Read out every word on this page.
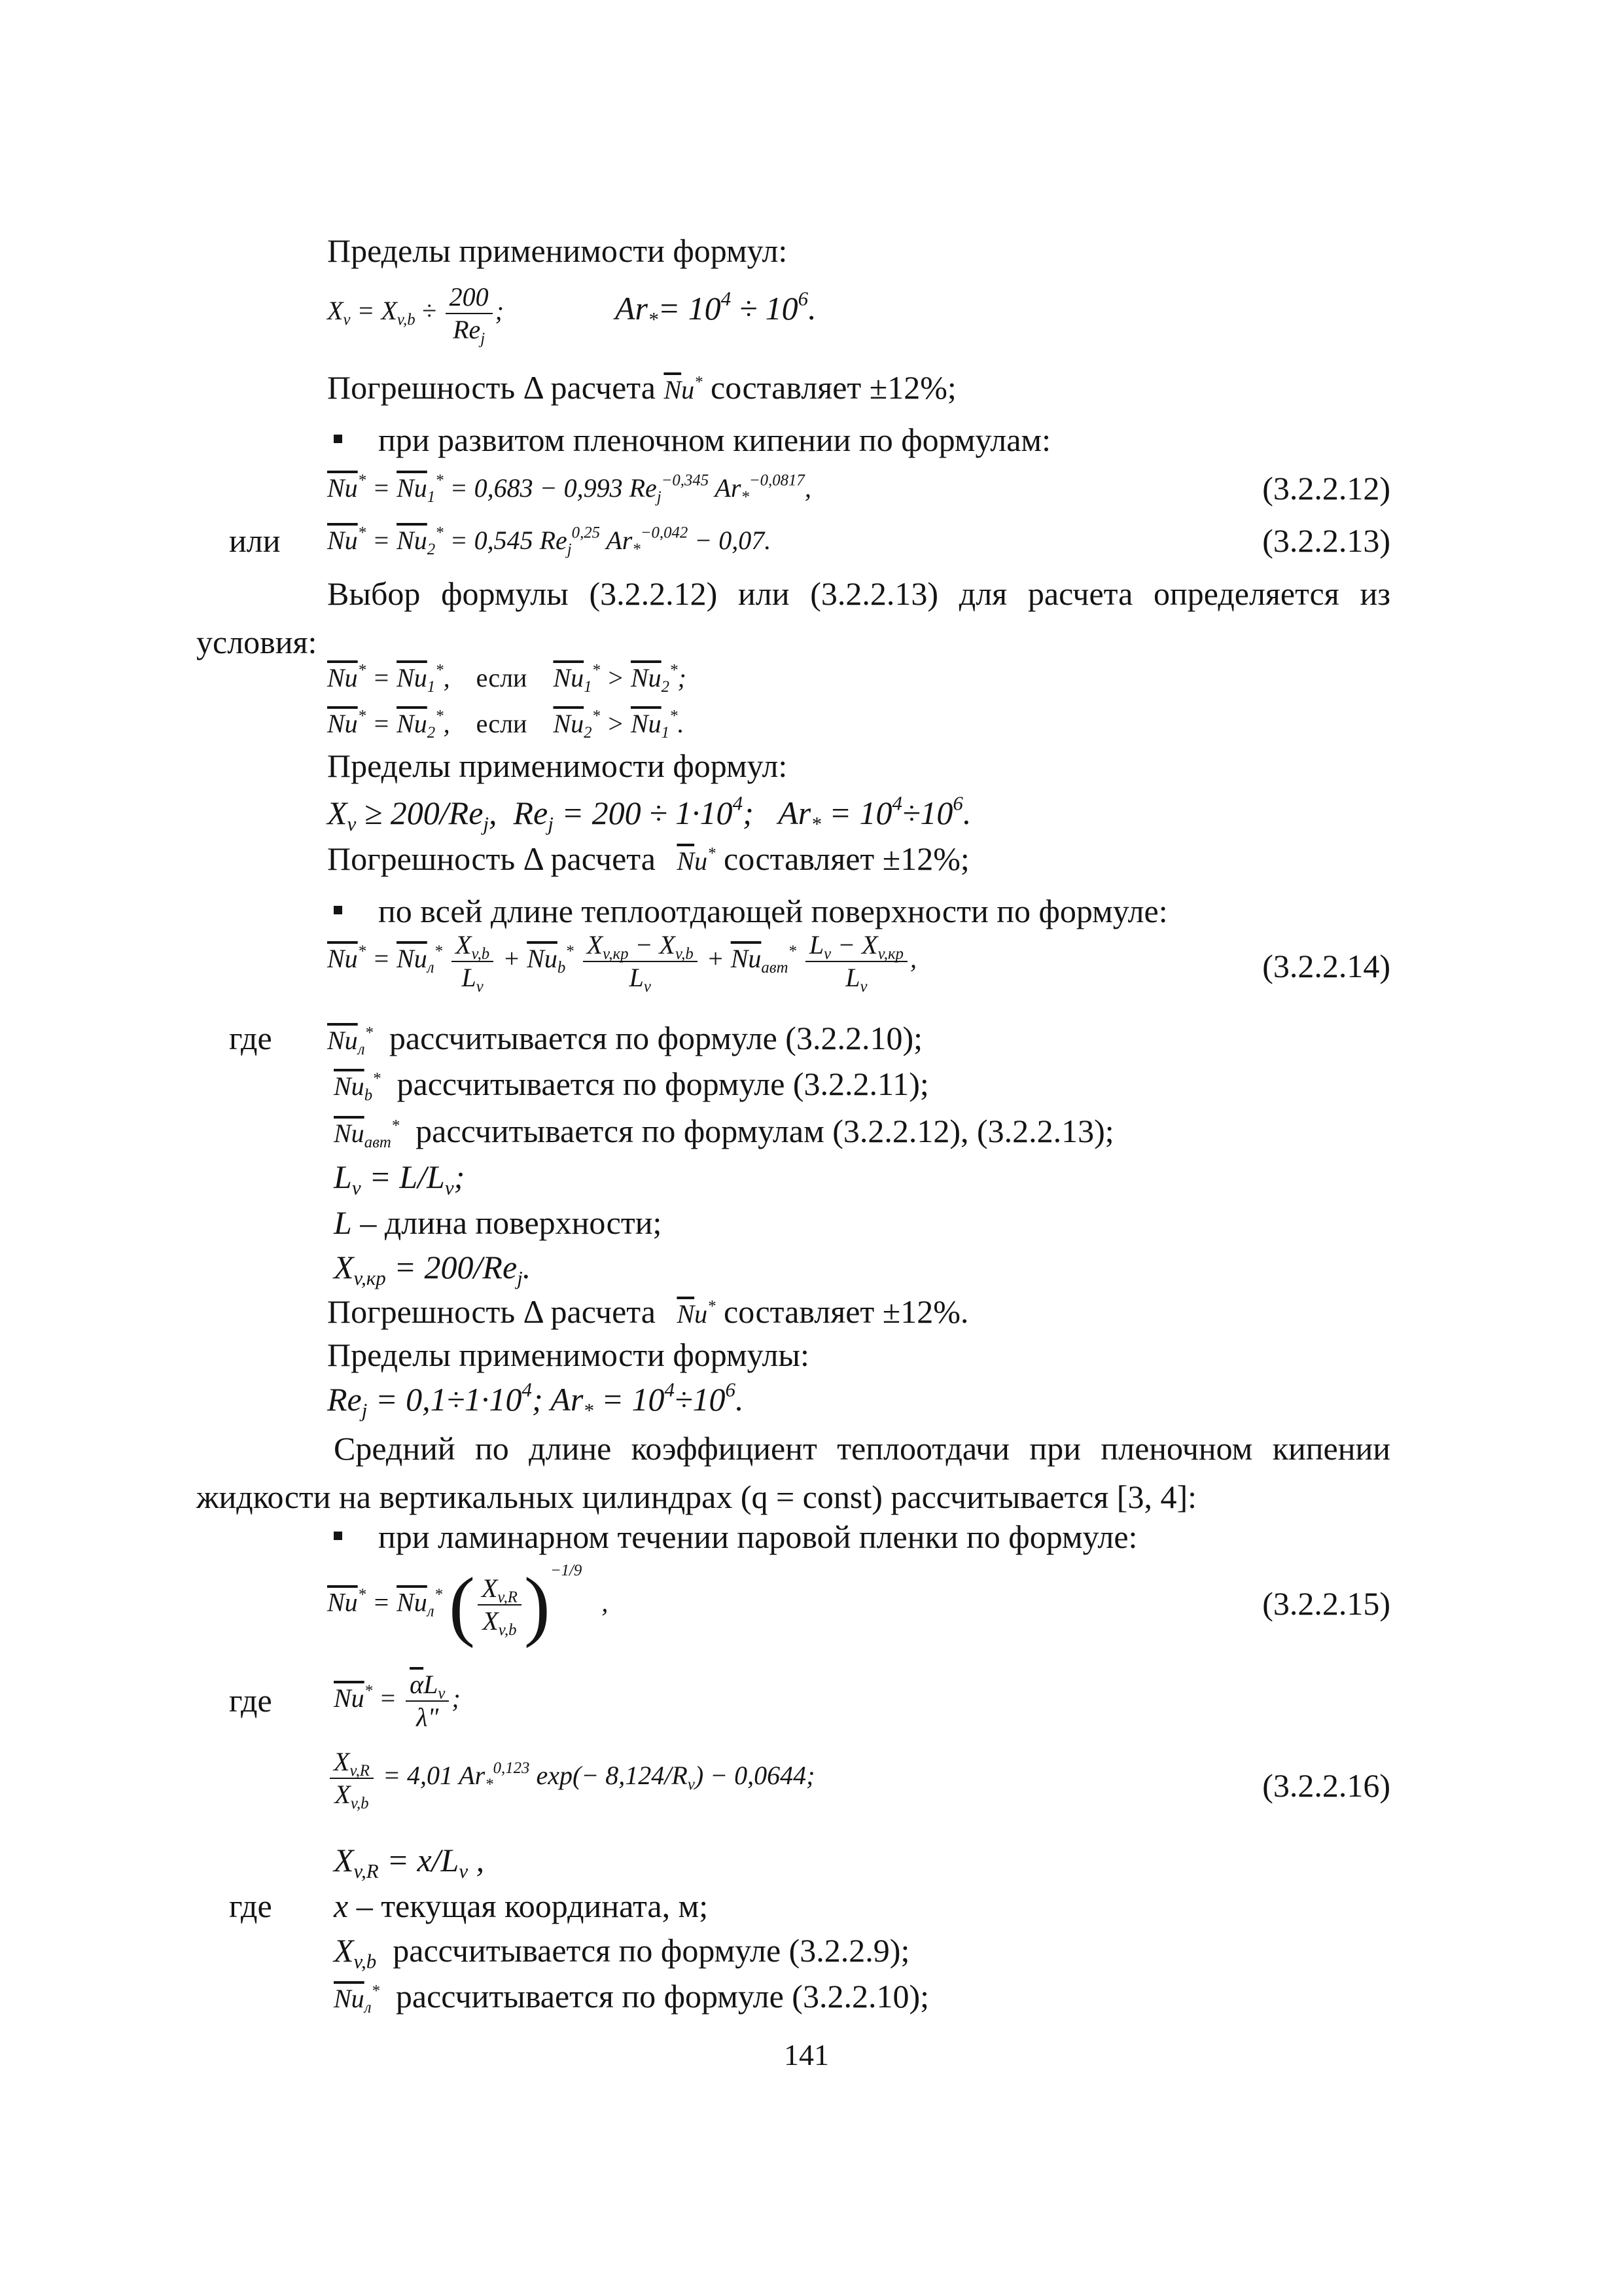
Пределы применимости формул:
$X_v = X_{v,b} \div \frac{200}{Re_j}$ ;	$Ar_*= 10^4 \div 10^6$.
Погрешность Δ расчета $\overline{N}u^*$ составляет ±12%;
при развитом пленочном кипении по формулам:
$\overline{Nu}^* = \overline{Nu}_1^* = 0,683 - 0,993$ $Re_j^{-0,345}$ $Ar_*^{-0,0817}$,	(3.2.2.12)
или $\overline{Nu}^* = \overline{Nu}_2^* = 0,545$ $Re_j^{0,25}$ $Ar_*^{-0,042} - 0,07$.	(3.2.2.13)
Выбор формулы (3.2.2.12) или (3.2.2.13) для расчета определяется из условия:
$\overline{Nu}^* = \overline{Nu}_1^*$, если $\overline{Nu}_1^* > \overline{Nu}_2^*$;
$\overline{Nu}^* = \overline{Nu}_2^*$, если $\overline{Nu}_2^* > \overline{Nu}_1^*$.
Пределы применимости формул:
$X_v \ge 200/Re_j$,  $Re_j = 200 \div 1\cdot 10^4$;   $Ar_* = 10^4\div 10^6$.
Погрешность Δ расчета $\overline{N}u^*$ составляет ±12%;
по всей длине теплоотдающей поверхности по формуле:
$\overline{Nu}^* = \overline{Nu}_л^* \frac{X_{v,b}}{L_v} + \overline{Nu}_b^* \frac{X_{v,кр} - X_{v,b}}{L_v} + \overline{Nu}_{авт}^* \frac{L_v - X_{v,кр}}{L_v}$ ,	(3.2.2.14)
где $\overline{Nu}_л^*$ рассчитывается по формуле (3.2.2.10);
$\overline{Nu}_b^*$ рассчитывается по формуле (3.2.2.11);
$\overline{Nu}_{авт}^*$ рассчитывается по формулам (3.2.2.12), (3.2.2.13);
$L_v = L/L_v$;
L – длина поверхности;
$X_{v,кр} = 200/Re_j$.
Погрешность Δ расчета $\overline{N}u^*$ составляет ±12%.
Пределы применимости формулы:
$Re_j = 0,1\div 1\cdot 10^4$; $Ar_* = 10^4\div 10^6$.
Средний по длине коэффициент теплоотдачи при пленочном кипении жидкости на вертикальных цилиндрах (q = const) рассчитывается [3, 4]:
при ламинарном течении паровой пленки по формуле:
$\overline{Nu}^* = \overline{Nu}_л^*$ ( $\frac{X_{v,R}}{X_{v,b}} )^{-1/9}$ ,	(3.2.2.15)
где $\overline{Nu}^* = \frac{\overline{\alpha}L_v}{\lambda"}$ ;
$\frac{X_{v,R}}{X_{v,b}} = 4,01$ $Ar_*^{0,123}$ $\exp(- 8,124/R_v) - 0,0644$;	(3.2.2.16)
$X_{v,R} = x/L_v$ ,
где x – текущая координата, м;
$X_{v,b}$ рассчитывается по формуле (3.2.2.9);
$\overline{Nu}_л^*$ рассчитывается по формуле (3.2.2.10);
141
